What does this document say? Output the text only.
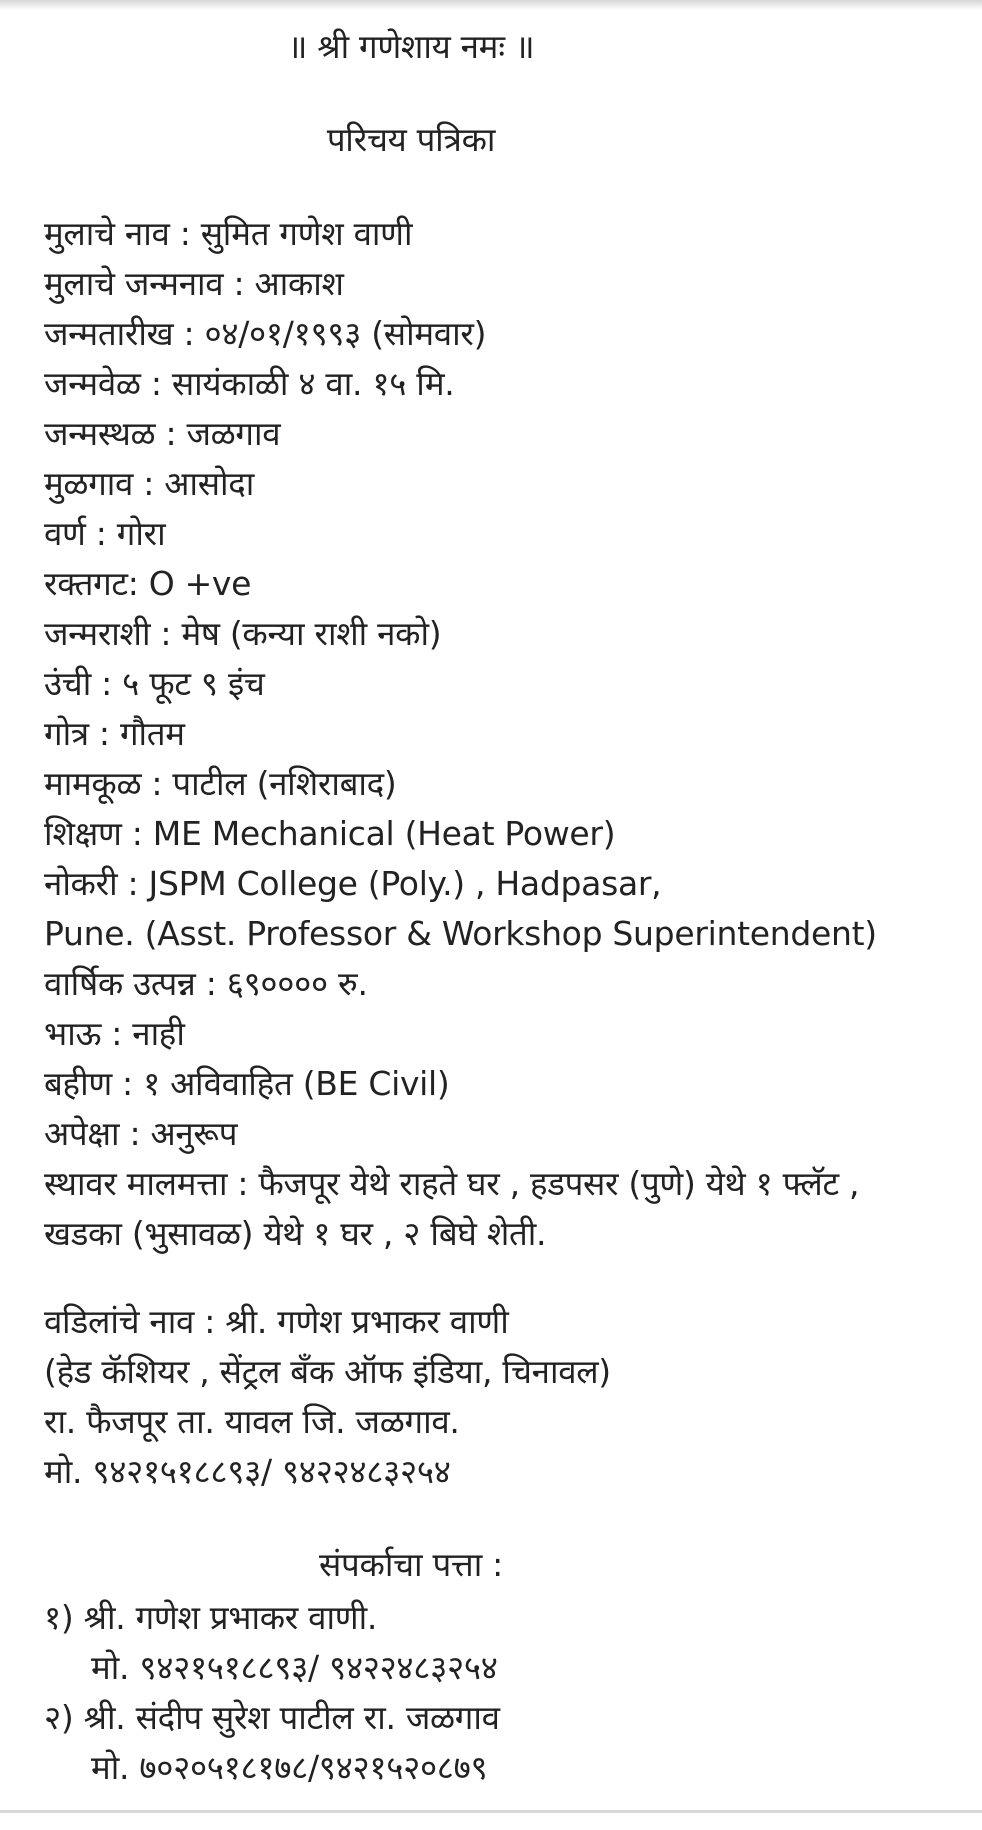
॥ श्री गणेशाय नमः ॥
परिचय पत्रिका
मुलाचे नाव : सुमित गणेश वाणी
मुलाचे जन्मनाव : आकाश
जन्मतारीख : ०४/०१/१९९३ (सोमवार)
जन्मवेळ : सायंकाळी ४ वा. १५ मि.
जन्मस्थळ : जळगाव
मुळगाव : आसोदा
वर्ण : गोरा
रक्तगट: O +ve
जन्मराशी : मेष (कन्या राशी नको)
उंची : ५ फूट ९ इंच
गोत्र : गौतम
मामकूळ : पाटील (नशिराबाद)
शिक्षण : ME Mechanical (Heat Power)
नोकरी : JSPM College (Poly.) , Hadpasar,
Pune. (Asst. Professor & Workshop Superintendent)
वार्षिक उत्पन्न : ६९०००० रु.
भाऊ : नाही
बहीण : १ अविवाहित (BE Civil)
अपेक्षा : अनुरूप
स्थावर मालमत्ता : फैजपूर येथे राहते घर , हडपसर (पुणे) येथे १ फ्लॅट ,
खडका (भुसावळ) येथे १ घर , २ बिघे शेती.
वडिलांचे नाव : श्री. गणेश प्रभाकर वाणी
(हेड कॅशियर , सेंट्रल बँक ऑफ इंडिया, चिनावल)
रा. फैजपूर ता. यावल जि. जळगाव.
मो. ९४२१५१८८९३/ ९४२२४८३२५४
संपर्काचा पत्ता :
१) श्री. गणेश प्रभाकर वाणी.
मो. ९४२१५१८८९३/ ९४२२४८३२५४
२) श्री. संदीप सुरेश पाटील रा. जळगाव
मो. ७०२०५१८१७८/९४२१५२०८७९
